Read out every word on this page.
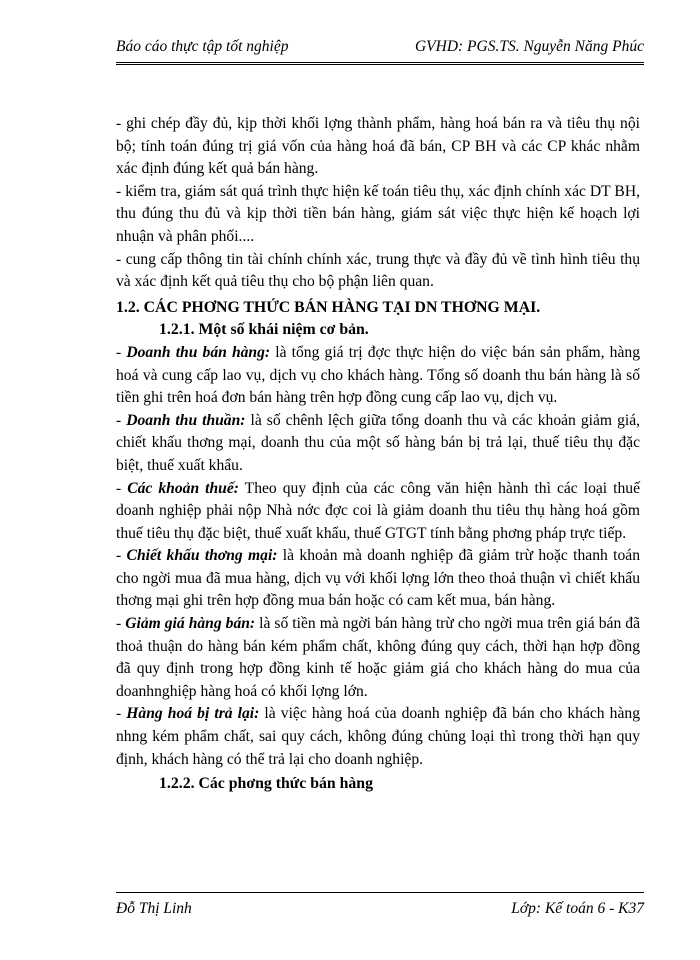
Báo cáo thực tập tốt nghiệp	GVHD: PGS.TS. Nguyễn Năng Phúc

- ghi chép đầy đủ, kịp thời khối lợng thành phẩm, hàng hoá bán ra và tiêu thụ nội bộ; tính toán đúng trị giá vốn của hàng hoá đã bán, CP BH và các CP khác nhằm xác định đúng kết quả bán hàng.

- kiểm tra, giám sát quá trình thực hiện kế toán tiêu thụ, xác định chính xác DT BH, thu đúng thu đủ và kịp thời tiền bán hàng, giám sát việc thực hiện kế hoạch lợi nhuận và phân phối....

- cung cấp thông tin tài chính chính xác, trung thực và đầy đủ về tình hình tiêu thụ và xác định kết quả tiêu thụ cho bộ phận liên quan.

1.2. CÁC PHƠNG THỨC BÁN HÀNG TẠI DN THƠNG MẠI.

1.2.1. Một số khái niệm cơ bản.

- Doanh thu bán hàng: là tổng giá trị đợc thực hiện do việc bán sản phẩm, hàng hoá và cung cấp lao vụ, dịch vụ cho khách hàng. Tổng số doanh thu bán hàng là số tiền ghi trên hoá đơn bán hàng trên hợp đồng cung cấp lao vụ, dịch vụ.

- Doanh thu thuần: là số chênh lệch giữa tổng doanh thu và các khoản giảm giá, chiết khấu thơng mại, doanh thu của một số hàng bán bị trả lại, thuế tiêu thụ đặc biệt, thuế xuất khẩu.

- Các khoản thuế: Theo quy định của các công văn hiện hành thì các loại thuế doanh nghiệp phải nộp Nhà nớc đợc coi là giảm doanh thu tiêu thụ hàng hoá gồm thuế tiêu thụ đặc biệt, thuế xuất khẩu, thuế GTGT tính bằng phơng pháp trực tiếp.

- Chiết khấu thơng mại: là khoản mà doanh nghiệp đã giảm trừ hoặc thanh toán cho ngời mua đã mua hàng, dịch vụ với khối lợng lớn theo thoả thuận vì chiết khấu thơng mại ghi trên hợp đồng mua bán hoặc có cam kết mua, bán hàng.

- Giảm giá hàng bán: là số tiền mà ngời bán hàng trừ cho ngời mua trên giá bán đã thoả thuận do hàng bán kém phẩm chất, không đúng quy cách, thời hạn hợp đồng đã quy định trong hợp đồng kinh tế hoặc giảm giá cho khách hàng do mua của doanhnghiệp hàng hoá có khối lợng lớn.

- Hàng hoá bị trả lại: là việc hàng hoá của doanh nghiệp đã bán cho khách hàng nhng kém phẩm chất, sai quy cách, không đúng chủng loại thì trong thời hạn quy định, khách hàng có thể trả lại cho doanh nghiệp.

1.2.2. Các phơng thức bán hàng

Đỗ Thị Linh	Lớp: Kế toán 6 - K37
